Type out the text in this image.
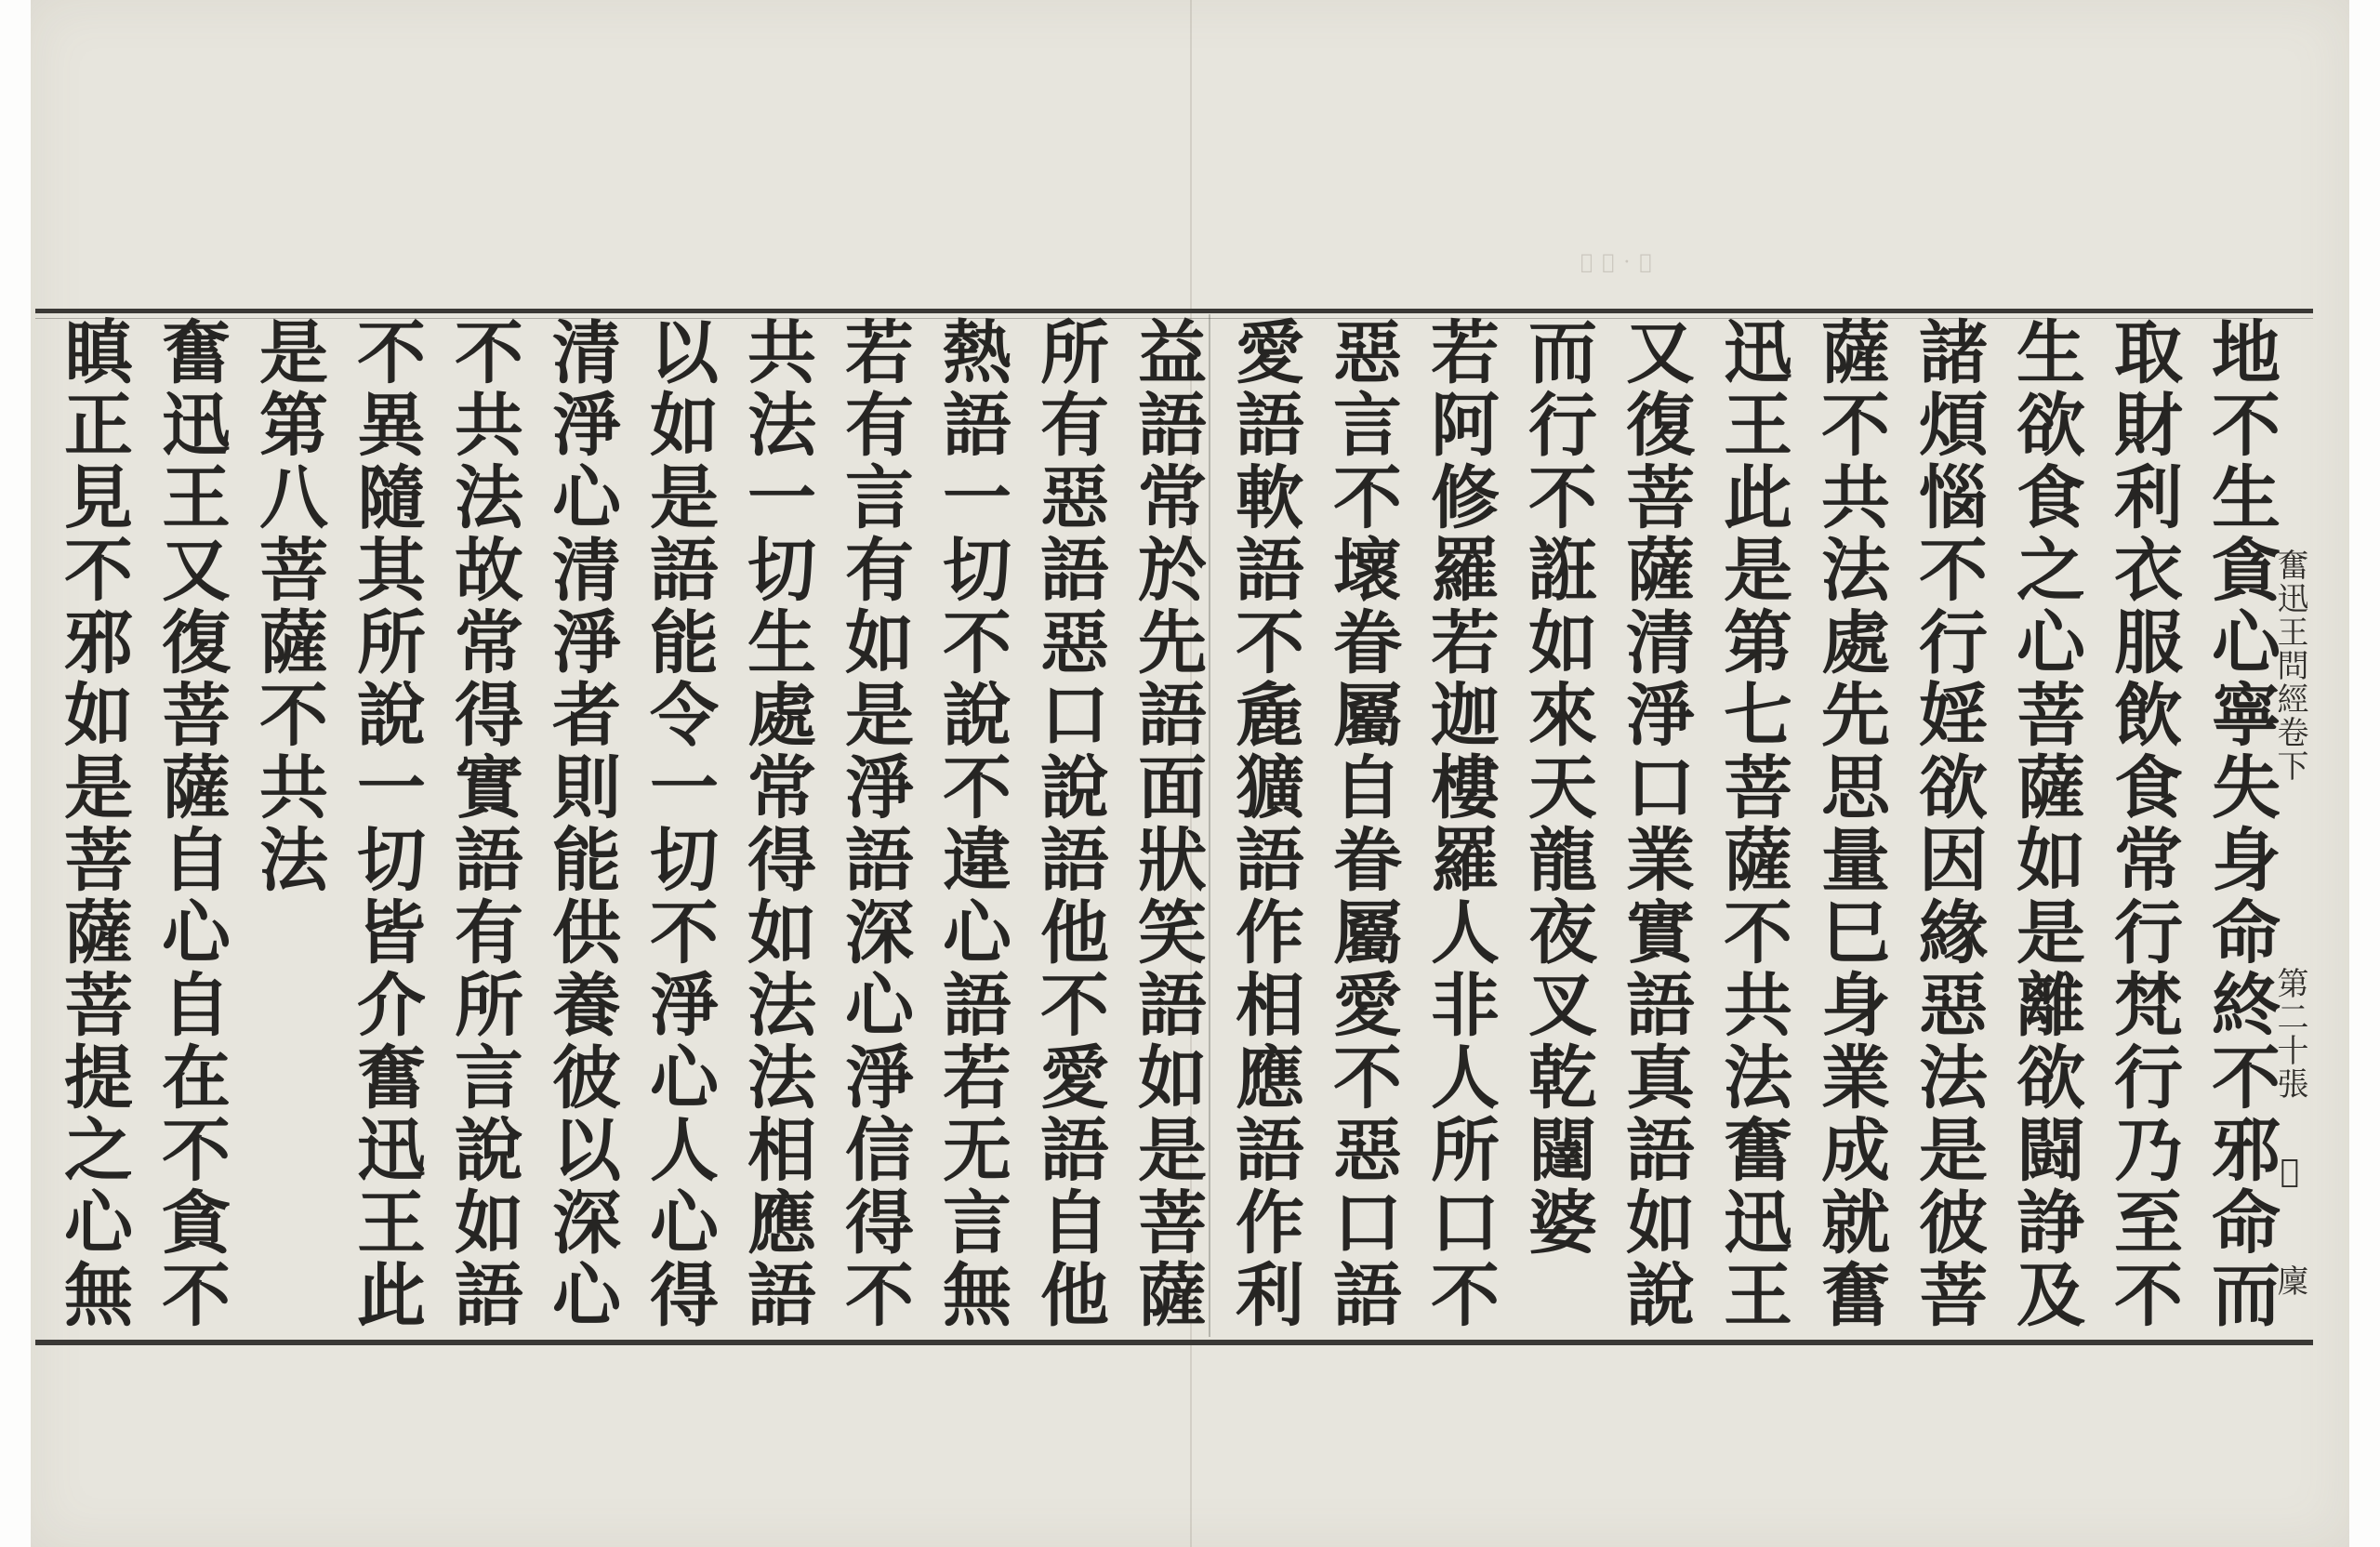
𫝀𫝀·𫝀
奮迅王問經卷下
第二十張
𤼵
廩
地不生貪心寧失身命終不邪命而
取財利衣服飲食常行梵行乃至不
生欲食之心菩薩如是離欲闘諍及
諸煩惱不行婬欲因緣惡法是彼菩
薩不共法處先思量巳身業成就奮
迅王此是第七菩薩不共法奮迅王
又復菩薩清淨口業實語真語如說
而行不誑如來天龍夜叉乾闥婆
若阿修羅若迦樓羅人非人所口不
惡言不壞眷屬自眷屬愛不惡口語
愛語軟語不麁獷語作相應語作利
益語常於先語面狀笑語如是菩薩
所有惡語惡口說語他不愛語自他
熱語一切不說不違心語若无言無
若有言有如是淨語深心淨信得不
共法一切生處常得如法法相應語
以如是語能令一切不淨心人心得
清淨心清淨者則能供養彼以深心
不共法故常得實語有所言說如語
不異隨其所說一切皆介奮迅王此
是第八菩薩不共法
奮迅王又復菩薩自心自在不貪不
瞋正見不邪如是菩薩菩提之心無
